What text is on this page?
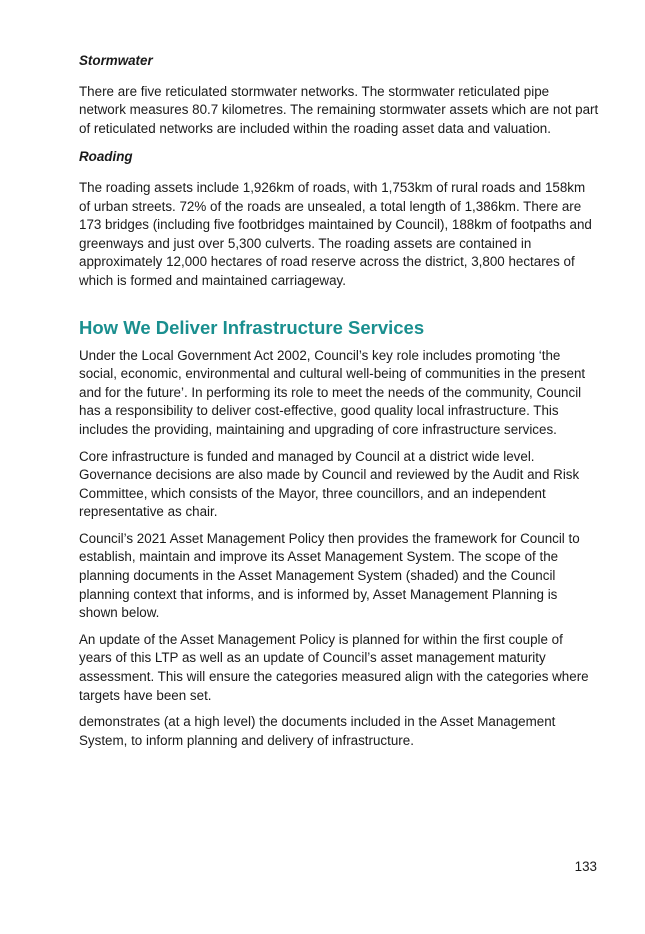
Stormwater

There are five reticulated stormwater networks. The stormwater reticulated pipe network measures 80.7 kilometres. The remaining stormwater assets which are not part of reticulated networks are included within the roading asset data and valuation.

Roading

The roading assets include 1,926km of roads, with 1,753km of rural roads and 158km of urban streets. 72% of the roads are unsealed, a total length of 1,386km. There are 173 bridges (including five footbridges maintained by Council), 188km of footpaths and greenways and just over 5,300 culverts. The roading assets are contained in approximately 12,000 hectares of road reserve across the district, 3,800 hectares of which is formed and maintained carriageway.

How We Deliver Infrastructure Services

Under the Local Government Act 2002, Council’s key role includes promoting ‘the social, economic, environmental and cultural well-being of communities in the present and for the future’. In performing its role to meet the needs of the community, Council has a responsibility to deliver cost-effective, good quality local infrastructure. This includes the providing, maintaining and upgrading of core infrastructure services.

Core infrastructure is funded and managed by Council at a district wide level. Governance decisions are also made by Council and reviewed by the Audit and Risk Committee, which consists of the Mayor, three councillors, and an independent representative as chair.

Council’s 2021 Asset Management Policy then provides the framework for Council to establish, maintain and improve its Asset Management System. The scope of the planning documents in the Asset Management System (shaded) and the Council planning context that informs, and is informed by, Asset Management Planning is shown below.

An update of the Asset Management Policy is planned for within the first couple of years of this LTP as well as an update of Council’s asset management maturity assessment. This will ensure the categories measured align with the categories where targets have been set.

demonstrates (at a high level) the documents included in the Asset Management System, to inform planning and delivery of infrastructure.

133
